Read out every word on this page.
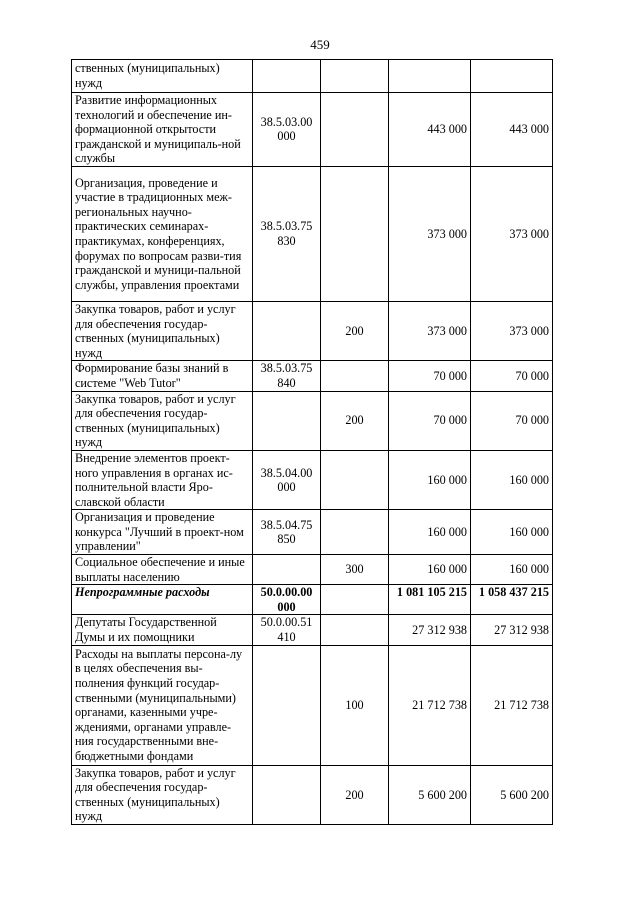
459
ственных (муниципальных) нужд				
Развитие информационных технологий и обеспечение ин-формационной открытости гражданской и муниципаль-ной службы	38.5.03.00 000		443 000	443 000
Организация, проведение и участие в традиционных меж-региональных научно-практических семинарах-практикумах, конференциях, форумах по вопросам разви-тия гражданской и муници-пальной службы, управления проектами	38.5.03.75 830		373 000	373 000
Закупка товаров, работ и услуг для обеспечения государ-ственных (муниципальных) нужд		200	373 000	373 000
Формирование базы знаний в системе "Web Tutor"	38.5.03.75 840		70 000	70 000
Закупка товаров, работ и услуг для обеспечения государ-ственных (муниципальных) нужд		200	70 000	70 000
Внедрение элементов проект-ного управления в органах ис-полнительной власти Яро-славской области	38.5.04.00 000		160 000	160 000
Организация и проведение конкурса "Лучший в проект-ном управлении"	38.5.04.75 850		160 000	160 000
Социальное обеспечение и иные выплаты населению		300	160 000	160 000
Непрограммные расходы	50.0.00.00 000		1 081 105 215	1 058 437 215
Депутаты Государственной Думы и их помощники	50.0.00.51 410		27 312 938	27 312 938
Расходы на выплаты персона-лу в целях обеспечения вы-полнения функций государ-ственными (муниципальными) органами, казенными учре-ждениями, органами управле-ния государственными вне-бюджетными фондами		100	21 712 738	21 712 738
Закупка товаров, работ и услуг для обеспечения государ-ственных (муниципальных) нужд		200	5 600 200	5 600 200
